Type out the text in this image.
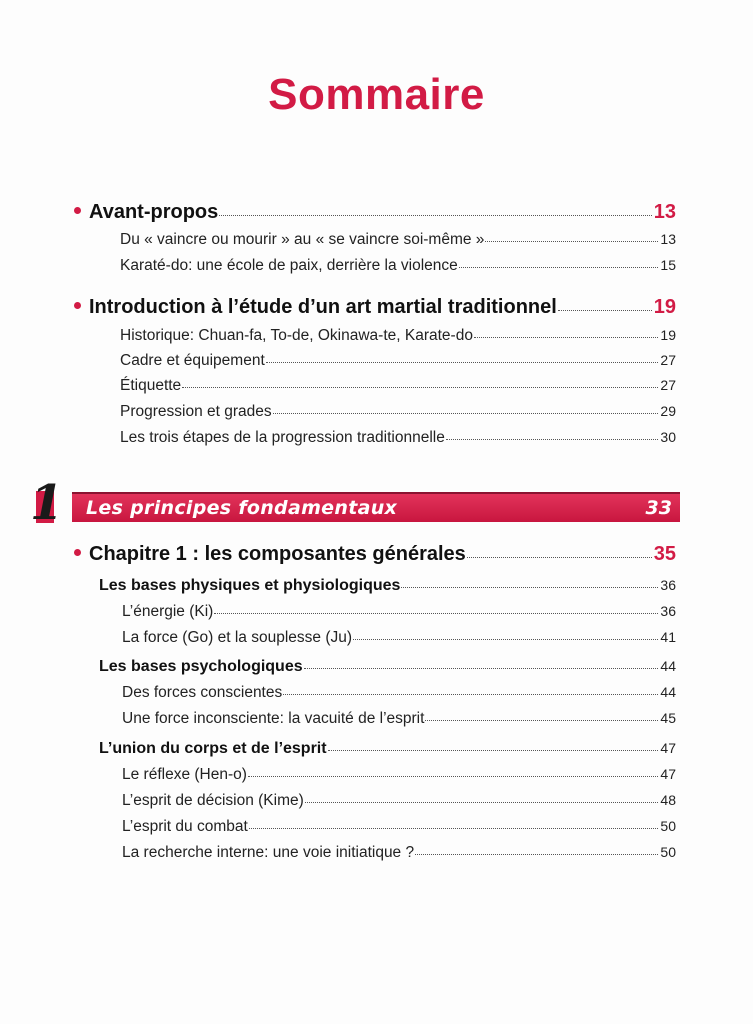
Sommaire
Avant-propos	13
Du « vaincre ou mourir » au « se vaincre soi-même »	13
Karaté-do: une école de paix, derrière la violence	15
Introduction à l’étude d’un art martial traditionnel	19
Historique: Chuan-fa, To-de, Okinawa-te, Karate-do	19
Cadre et équipement	27
Étiquette	27
Progression et grades	29
Les trois étapes de la progression traditionnelle	30
1 Les principes fondamentaux	33
Chapitre 1 : les composantes générales	35
Les bases physiques et physiologiques	36
L’énergie (Ki)	36
La force (Go) et la souplesse (Ju)	41
Les bases psychologiques	44
Des forces conscientes	44
Une force inconsciente: la vacuité de l’esprit	45
L’union du corps et de l’esprit	47
Le réflexe (Hen-o)	47
L’esprit de décision (Kime)	48
L’esprit du combat	50
La recherche interne: une voie initiatique ?	50
